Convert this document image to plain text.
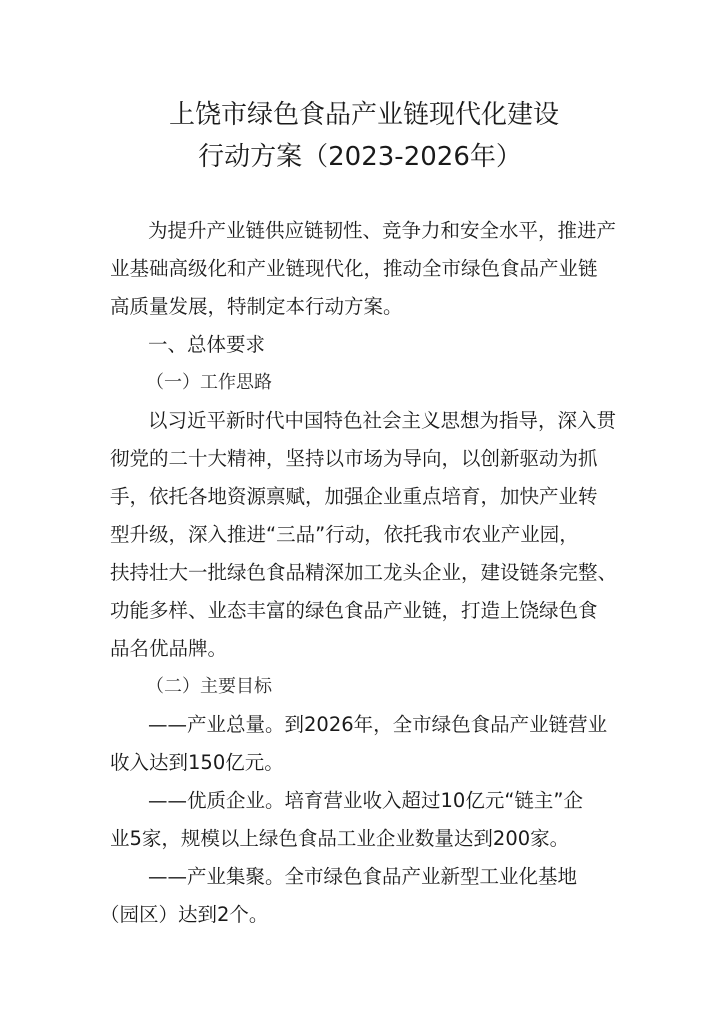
上饶市绿色食品产业链现代化建设
行动方案（2023-2026年）
为提升产业链供应链韧性、竞争力和安全水平，推进产
业基础高级化和产业链现代化，推动全市绿色食品产业链
高质量发展，特制定本行动方案。
一、总体要求
（一）工作思路
以习近平新时代中国特色社会主义思想为指导，深入贯
彻党的二十大精神，坚持以市场为导向，以创新驱动为抓
手，依托各地资源禀赋，加强企业重点培育，加快产业转
型升级，深入推进“三品”行动，依托我市农业产业园，
扶持壮大一批绿色食品精深加工龙头企业，建设链条完整、
功能多样、业态丰富的绿色食品产业链，打造上饶绿色食
品名优品牌。
（二）主要目标
——产业总量。到2026年，全市绿色食品产业链营业
收入达到150亿元。
——优质企业。培育营业收入超过10亿元“链主”企
业5家，规模以上绿色食品工业企业数量达到200家。
——产业集聚。全市绿色食品产业新型工业化基地
（园区）达到2个。
